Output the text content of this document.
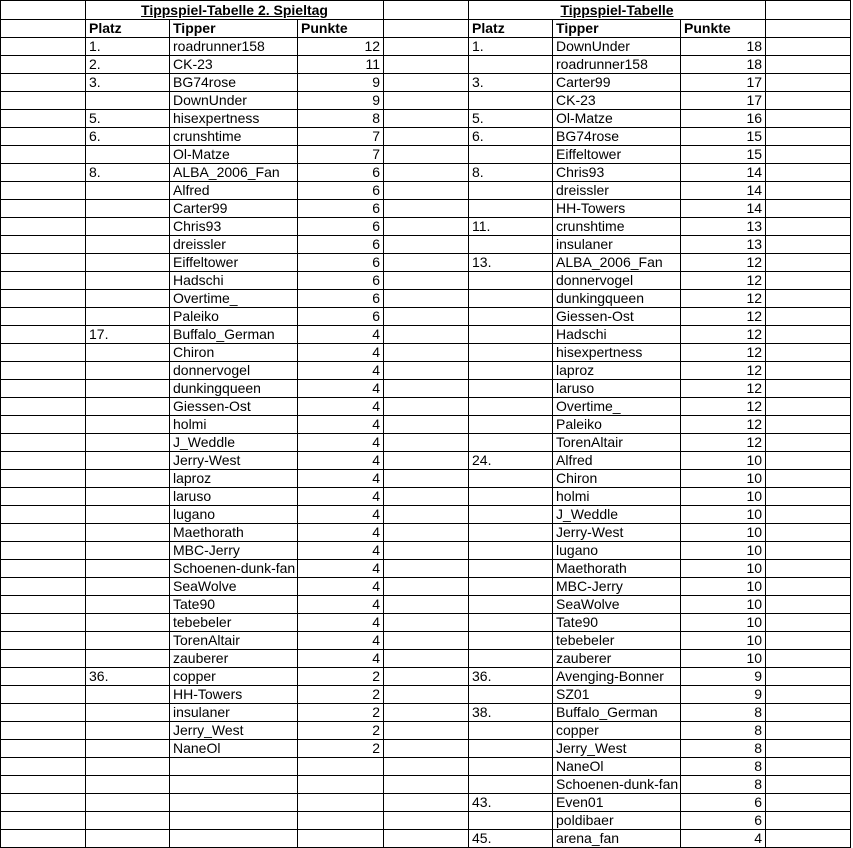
	Tippspiel-Tabelle 2. Spieltag				Tippspiel-Tabelle			
	Platz	Tipper	Punkte		Platz	Tipper	Punkte	
	1.	roadrunner158	12		1.	DownUnder	18	
	2.	CK-23	11			roadrunner158	18	
	3.	BG74rose	9		3.	Carter99	17	
		DownUnder	9			CK-23	17	
	5.	hisexpertness	8		5.	Ol-Matze	16	
	6.	crunshtime	7		6.	BG74rose	15	
		Ol-Matze	7			Eiffeltower	15	
	8.	ALBA_2006_Fan	6		8.	Chris93	14	
		Alfred	6			dreissler	14	
		Carter99	6			HH-Towers	14	
		Chris93	6		11.	crunshtime	13	
		dreissler	6			insulaner	13	
		Eiffeltower	6		13.	ALBA_2006_Fan	12	
		Hadschi	6			donnervogel	12	
		Overtime_	6			dunkingqueen	12	
		Paleiko	6			Giessen-Ost	12	
	17.	Buffalo_German	4			Hadschi	12	
		Chiron	4			hisexpertness	12	
		donnervogel	4			laproz	12	
		dunkingqueen	4			laruso	12	
		Giessen-Ost	4			Overtime_	12	
		holmi	4			Paleiko	12	
		J_Weddle	4			TorenAltair	12	
		Jerry-West	4		24.	Alfred	10	
		laproz	4			Chiron	10	
		laruso	4			holmi	10	
		lugano	4			J_Weddle	10	
		Maethorath	4			Jerry-West	10	
		MBC-Jerry	4			lugano	10	
		Schoenen-dunk-fan	4			Maethorath	10	
		SeaWolve	4			MBC-Jerry	10	
		Tate90	4			SeaWolve	10	
		tebebeler	4			Tate90	10	
		TorenAltair	4			tebebeler	10	
		zauberer	4			zauberer	10	
	36.	copper	2		36.	Avenging-Bonner	9	
		HH-Towers	2			SZ01	9	
		insulaner	2		38.	Buffalo_German	8	
		Jerry_West	2			copper	8	
		NaneOl	2			Jerry_West	8	
						NaneOl	8	
						Schoenen-dunk-fan	8	
					43.	Even01	6	
						poldibaer	6	
					45.	arena_fan	4	
